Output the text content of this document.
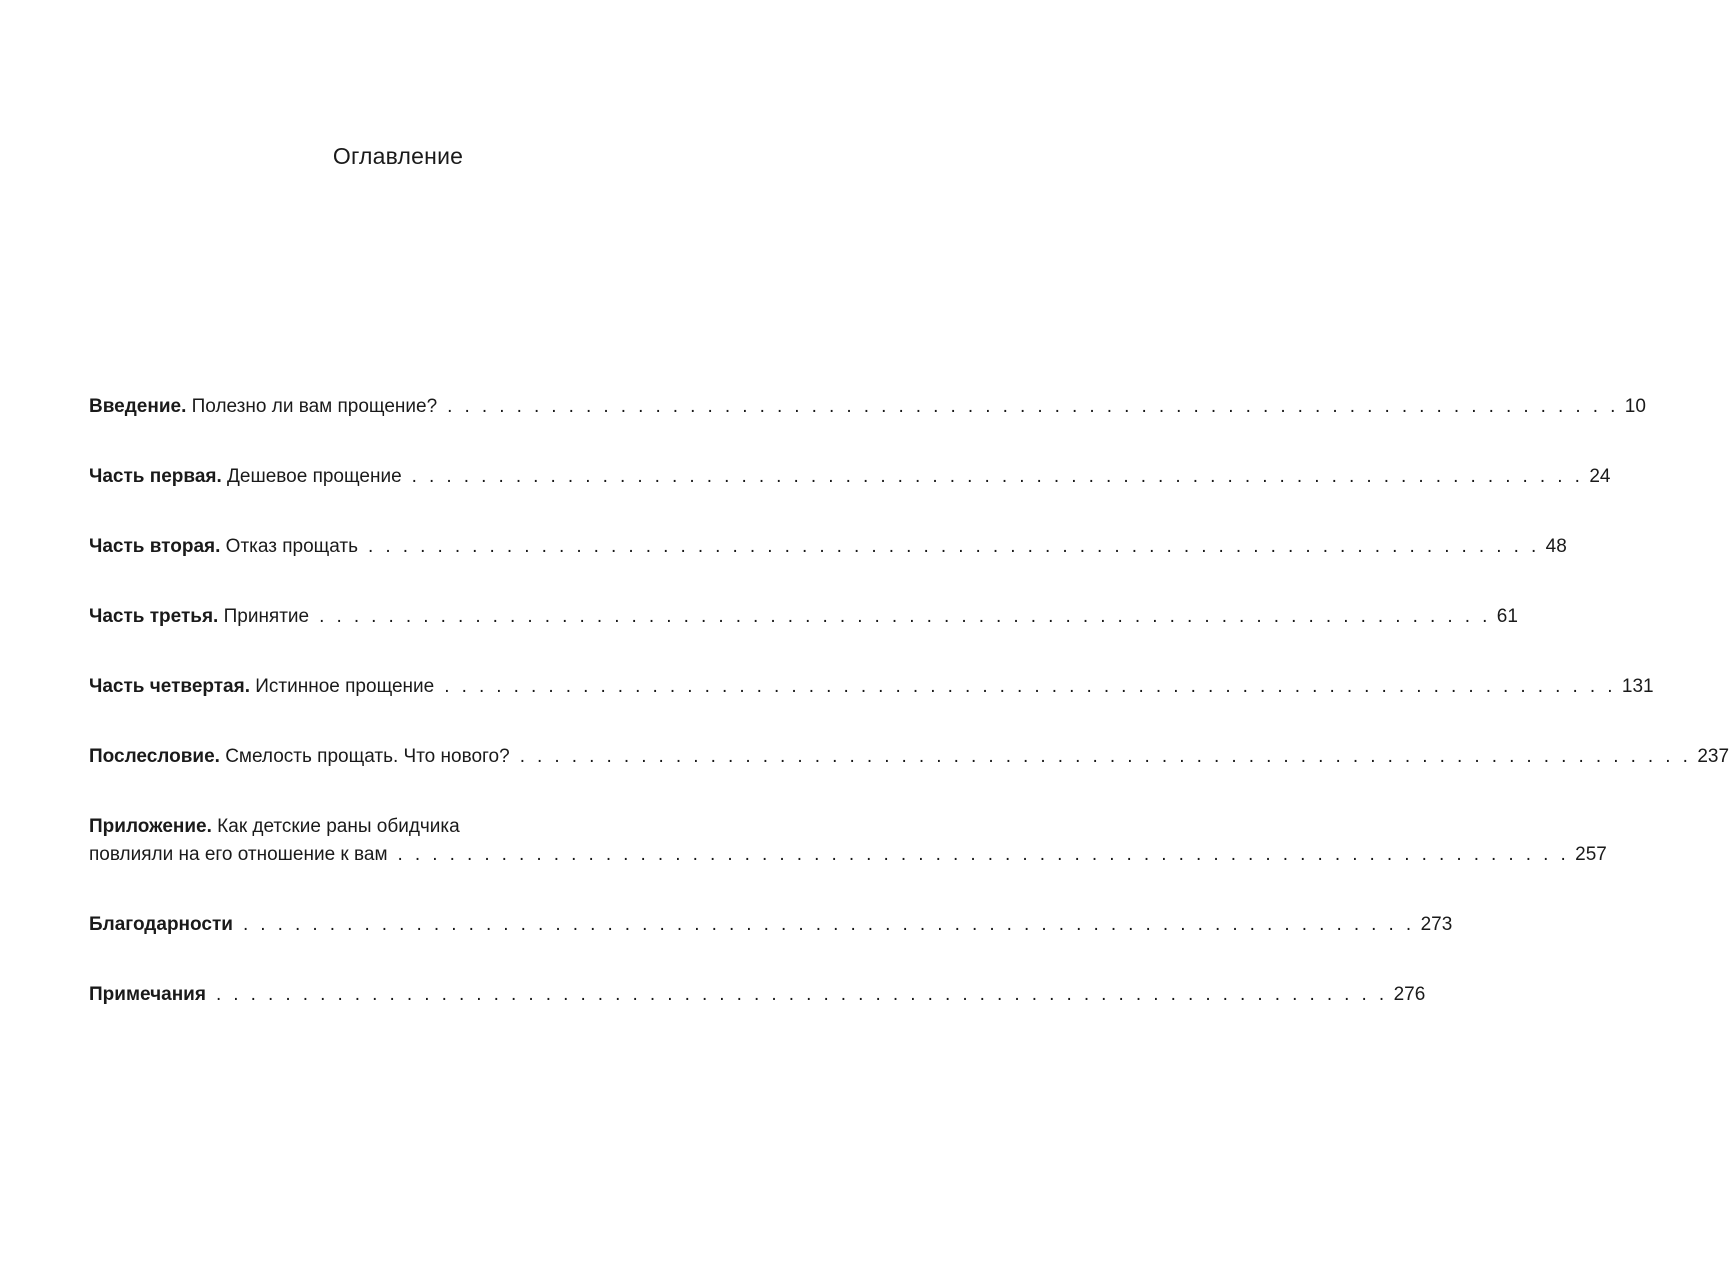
Оглавление
Введение. Полезно ли вам прощение? . . . . . . . . . . . . . . . . . . . . . . . . . . . . . . . . . . . . . . . . . . . . . . . . . . . . . . . . . . . . . . . . . . . . 10
Часть первая. Дешевое прощение . . . . . . . . . . . . . . . . . . . . . . . . . . . . . . . . . . . . . . . . . . . . . . . . . . . . . . . . . . . . . . . . . . . . 24
Часть вторая. Отказ прощать . . . . . . . . . . . . . . . . . . . . . . . . . . . . . . . . . . . . . . . . . . . . . . . . . . . . . . . . . . . . . . . . . . . . 48
Часть третья. Принятие . . . . . . . . . . . . . . . . . . . . . . . . . . . . . . . . . . . . . . . . . . . . . . . . . . . . . . . . . . . . . . . . . . . . 61
Часть четвертая. Истинное прощение . . . . . . . . . . . . . . . . . . . . . . . . . . . . . . . . . . . . . . . . . . . . . . . . . . . . . . . . . . . . . . . . . . . . 131
Послесловие. Смелость прощать. Что нового? . . . . . . . . . . . . . . . . . . . . . . . . . . . . . . . . . . . . . . . . . . . . . . . . . . . . . . . . . . . . . . . . . . . . 237
Приложение. Как детские раны обидчика
повлияли на его отношение к вам . . . . . . . . . . . . . . . . . . . . . . . . . . . . . . . . . . . . . . . . . . . . . . . . . . . . . . . . . . . . . . . . . . . . 257
Благодарности . . . . . . . . . . . . . . . . . . . . . . . . . . . . . . . . . . . . . . . . . . . . . . . . . . . . . . . . . . . . . . . . . . . . 273
Примечания . . . . . . . . . . . . . . . . . . . . . . . . . . . . . . . . . . . . . . . . . . . . . . . . . . . . . . . . . . . . . . . . . . . . 276
